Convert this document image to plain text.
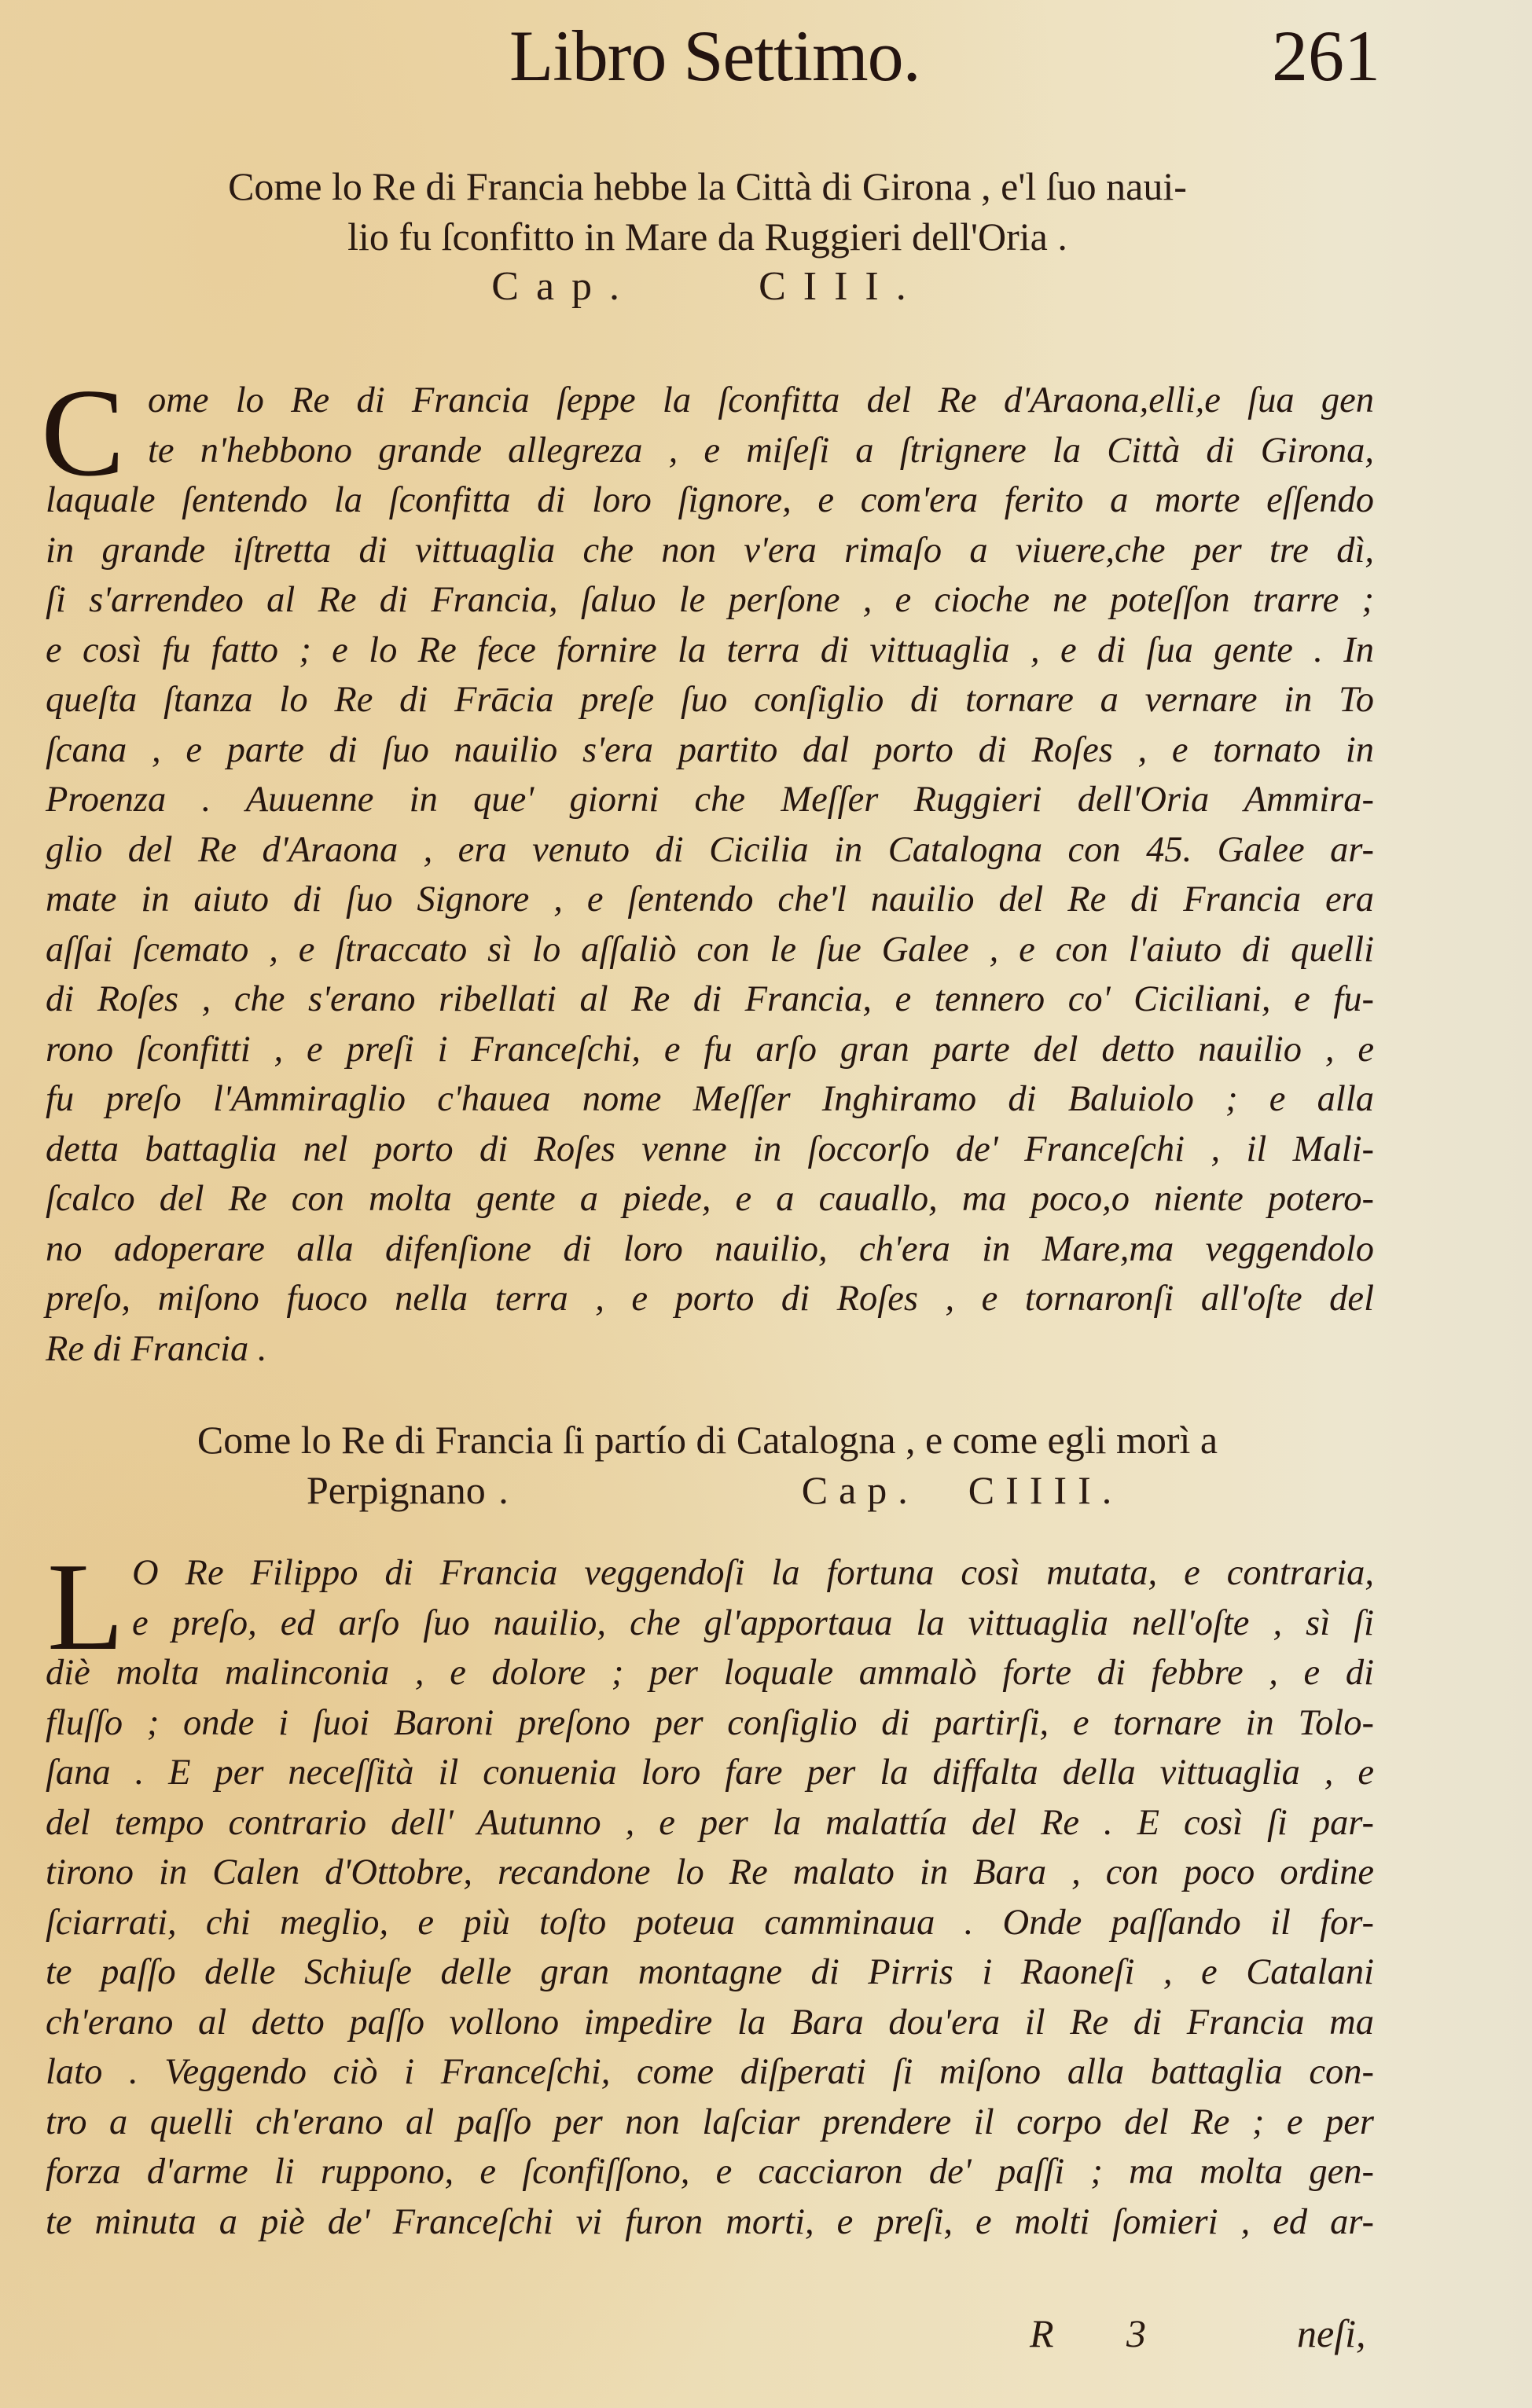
Libro Settimo.	261
Come lo Re di Francia hebbe la Città di Girona , e'l ſuo naui-
lio fu ſconfitto in Mare da Ruggieri dell'Oria .
Cap.	CIII.
C ome lo Re di Francia ſeppe la ſconfitta del Re d'Araona,elli,e ſua gen
te n'hebbono grande allegreza , e miſeſi a ſtrignere la Città di Girona,
laquale ſentendo la ſconfitta di loro ſignore, e com'era ferito a morte eſſendo
in grande iſtretta di vittuaglia che non v'era rimaſo a viuere,che per tre dì,
ſi s'arrendeo al Re di Francia, ſaluo le perſone , e cioche ne poteſſon trarre ;
e così fu fatto ; e lo Re fece fornire la terra di vittuaglia , e di ſua gente . In
queſta ſtanza lo Re di Frācia preſe ſuo conſiglio di tornare a vernare in To
ſcana , e parte di ſuo nauilio s'era partito dal porto di Roſes , e tornato in
Proenza . Auuenne in que' giorni che Meſſer Ruggieri dell'Oria Ammira-
glio del Re d'Araona , era venuto di Cicilia in Catalogna con 45. Galee ar-
mate in aiuto di ſuo Signore , e ſentendo che'l nauilio del Re di Francia era
aſſai ſcemato , e ſtraccato sì lo aſſaliò con le ſue Galee , e con l'aiuto di quelli
di Roſes , che s'erano ribellati al Re di Francia, e tennero co' Ciciliani, e fu-
rono ſconfitti , e preſi i Franceſchi, e fu arſo gran parte del detto nauilio , e
fu preſo l'Ammiraglio c'hauea nome Meſſer Inghiramo di Baluiolo ; e alla
detta battaglia nel porto di Roſes venne in ſoccorſo de' Franceſchi , il Mali-
ſcalco del Re con molta gente a piede, e a cauallo, ma poco,o niente potero-
no adoperare alla difenſione di loro nauilio, ch'era in Mare,ma veggendolo
preſo, miſono fuoco nella terra , e porto di Roſes , e tornaronſi all'oſte del
Re di Francia .
Come lo Re di Francia ſi partío di Catalogna , e come egli morì a
Perpignano .	Cap. CIIII.
L O Re Filippo di Francia veggendoſi la fortuna così mutata, e contraria,
e preſo, ed arſo ſuo nauilio, che gl'apportaua la vittuaglia nell'oſte , sì ſi
diè molta malinconia , e dolore ; per loquale ammalò forte di febbre , e di
fluſſo ; onde i ſuoi Baroni preſono per conſiglio di partirſi, e tornare in Tolo-
ſana . E per neceſſità il conuenia loro fare per la diffalta della vittuaglia , e
del tempo contrario dell' Autunno , e per la malattía del Re . E così ſi par-
tirono in Calen d'Ottobre, recandone lo Re malato in Bara , con poco ordine
ſciarrati, chi meglio, e più toſto poteua camminaua . Onde paſſando il for-
te paſſo delle Schiuſe delle gran montagne di Pirris i Raoneſi , e Catalani
ch'erano al detto paſſo vollono impedire la Bara dou'era il Re di Francia ma
lato . Veggendo ciò i Franceſchi, come diſperati ſi miſono alla battaglia con-
tro a quelli ch'erano al paſſo per non laſciar prendere il corpo del Re ; e per
forza d'arme li ruppono, e ſconfiſſono, e cacciaron de' paſſi ; ma molta gen-
te minuta a piè de' Franceſchi vi furon morti, e preſi, e molti ſomieri , ed ar-
R 3	neſi,
